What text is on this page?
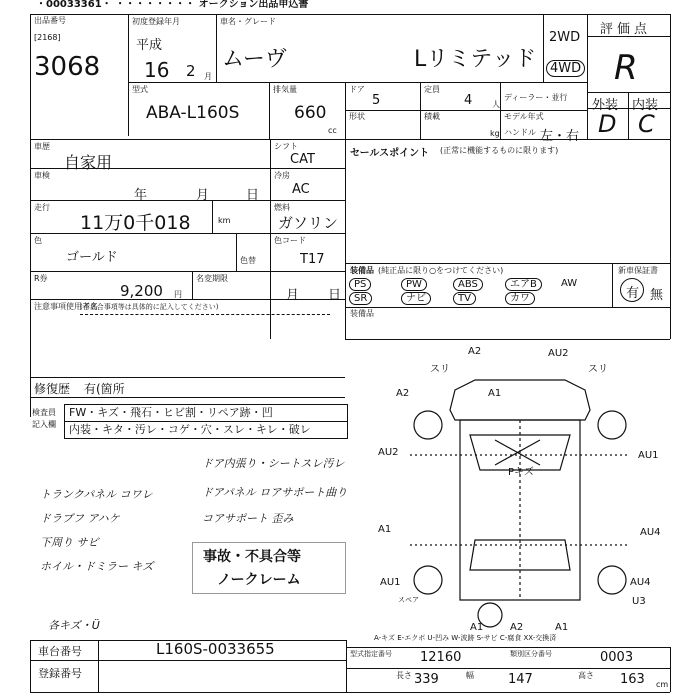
・00033361・ ・・・・・・・・ オークション出品申込書
出品番号
[2168]
3068
初度登録年月
平成
16 2 月
車名・グレード
ムーヴ	Lリミテッド
2WD
4WD
評価点
R
外装 内装
D C
型式
ABA-L160S
排気量
660
cc
ドア
5
定員
4 人
ディーラー・並行
形状	積載
kg
モデル年式
ハンドル 左・右
車歴
自家用
シフト
CAT	セールスポイント (正常に機能するものに限ります)
車検
年	月	日
冷房
AC
走行
11万0千018	km
燃料
ガソリン
色
ゴールド	色替
色コード
T17
装備品 (純正品に限り○をつけてください)	新車保証書
有 無
PS	PW	ABS	エアB	AW
SR	ナビ	TV	カワ
装備品
R券
9,200 円
名変期限
月 日
注意事項使用者名
(不具合事項等は具体的に記入してください)
修復歴 有(箇所
検査員
記入欄
FW・キズ・飛石・ヒビ割・リペア跡・凹
内装・キタ・汚レ・コゲ・穴・スレ・キレ・破レ
ドア内張り・シートスレ汚レ
ドアパネル ロアサポート曲り
コアサポート 歪み
トランクパネル コワレ
ドラブフ アハケ
下周り サビ
ホイル・ドミラー キズ
各キズ・Ü
事故・不具合等
ノークレーム
A2	AU2
A1
スリ	スリ
A2
AU2
Pキズ
AU1
A1	AU4
AU1	AU4
U3
A1	A2	A1
スペア
A-キズ E-エクボ U-凹み W-波跡 S-サビ C-腐食 XX-交換済
車台番号	L160S-0033655
登録番号
型式指定番号	12160	類別区分番号	0003
長さ 339	幅	147	高さ 163 cm
